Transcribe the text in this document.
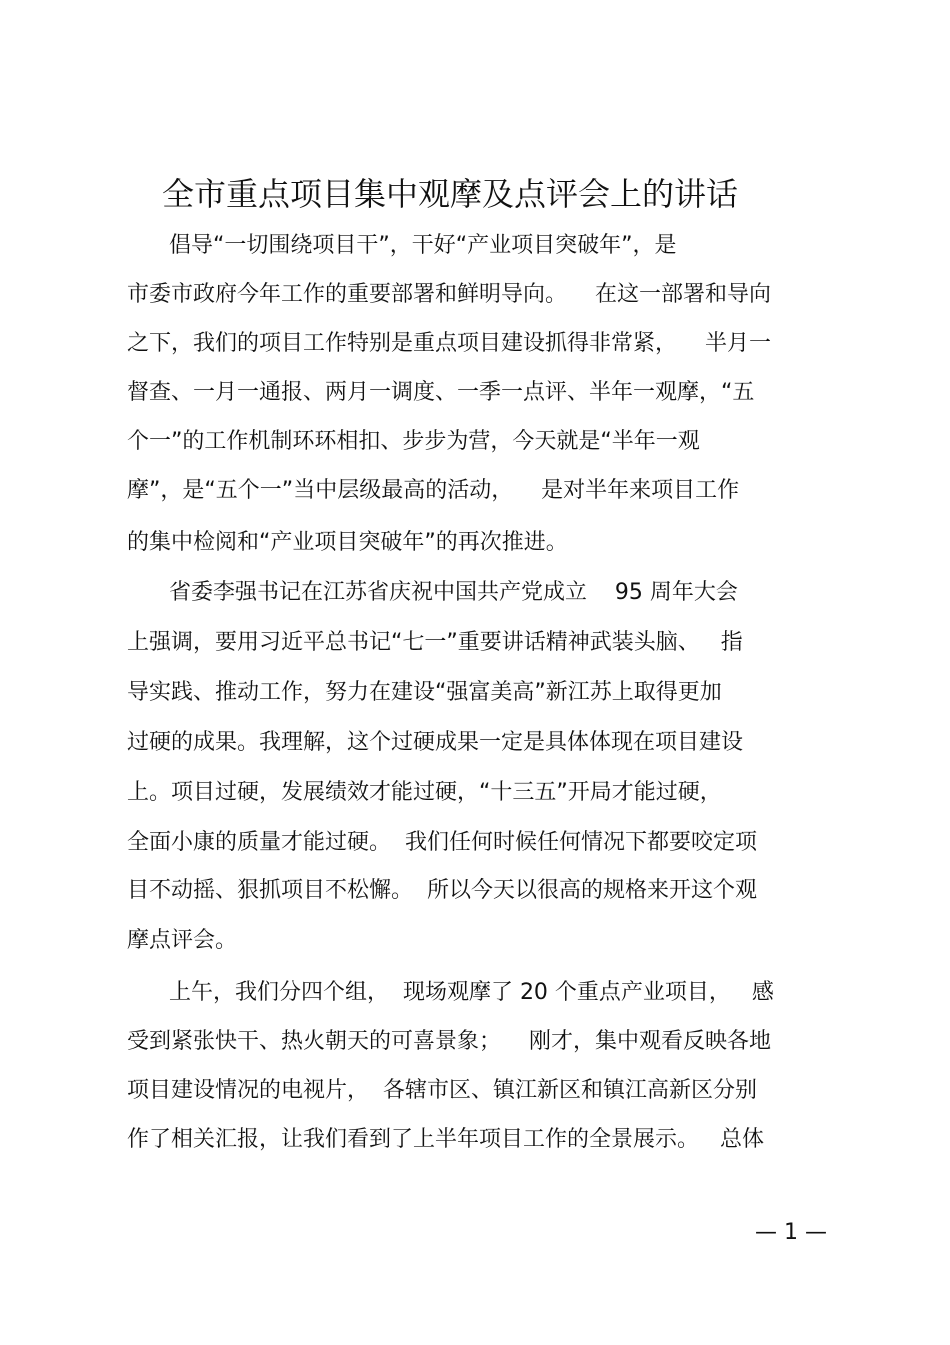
全市重点项目集中观摩及点评会上的讲话
倡导“一切围绕项目干”，干好“产业项目突破年”，是
市委市政府今年工作的重要部署和鲜明导向。    在这一部署和导向
之下，我们的项目工作特别是重点项目建设抓得非常紧，    半月一
督查、一月一通报、两月一调度、一季一点评、半年一观摩，“五
个一”的工作机制环环相扣、步步为营，今天就是“半年一观
摩”，是“五个一”当中层级最高的活动，    是对半年来项目工作
的集中检阅和“产业项目突破年”的再次推进。
省委李强书记在江苏省庆祝中国共产党成立    95 周年大会
上强调，要用习近平总书记“七一”重要讲话精神武装头脑、   指
导实践、推动工作，努力在建设“强富美高”新江苏上取得更加
过硬的成果。我理解，这个过硬成果一定是具体体现在项目建设
上。项目过硬，发展绩效才能过硬，“十三五”开局才能过硬，
全面小康的质量才能过硬。  我们任何时候任何情况下都要咬定项
目不动摇、狠抓项目不松懈。  所以今天以很高的规格来开这个观
摩点评会。
上午，我们分四个组，  现场观摩了 20 个重点产业项目，   感
受到紧张快干、热火朝天的可喜景象；    刚才，集中观看反映各地
项目建设情况的电视片，  各辖市区、镇江新区和镇江高新区分别
作了相关汇报，让我们看到了上半年项目工作的全景展示。   总体
— 1 —
